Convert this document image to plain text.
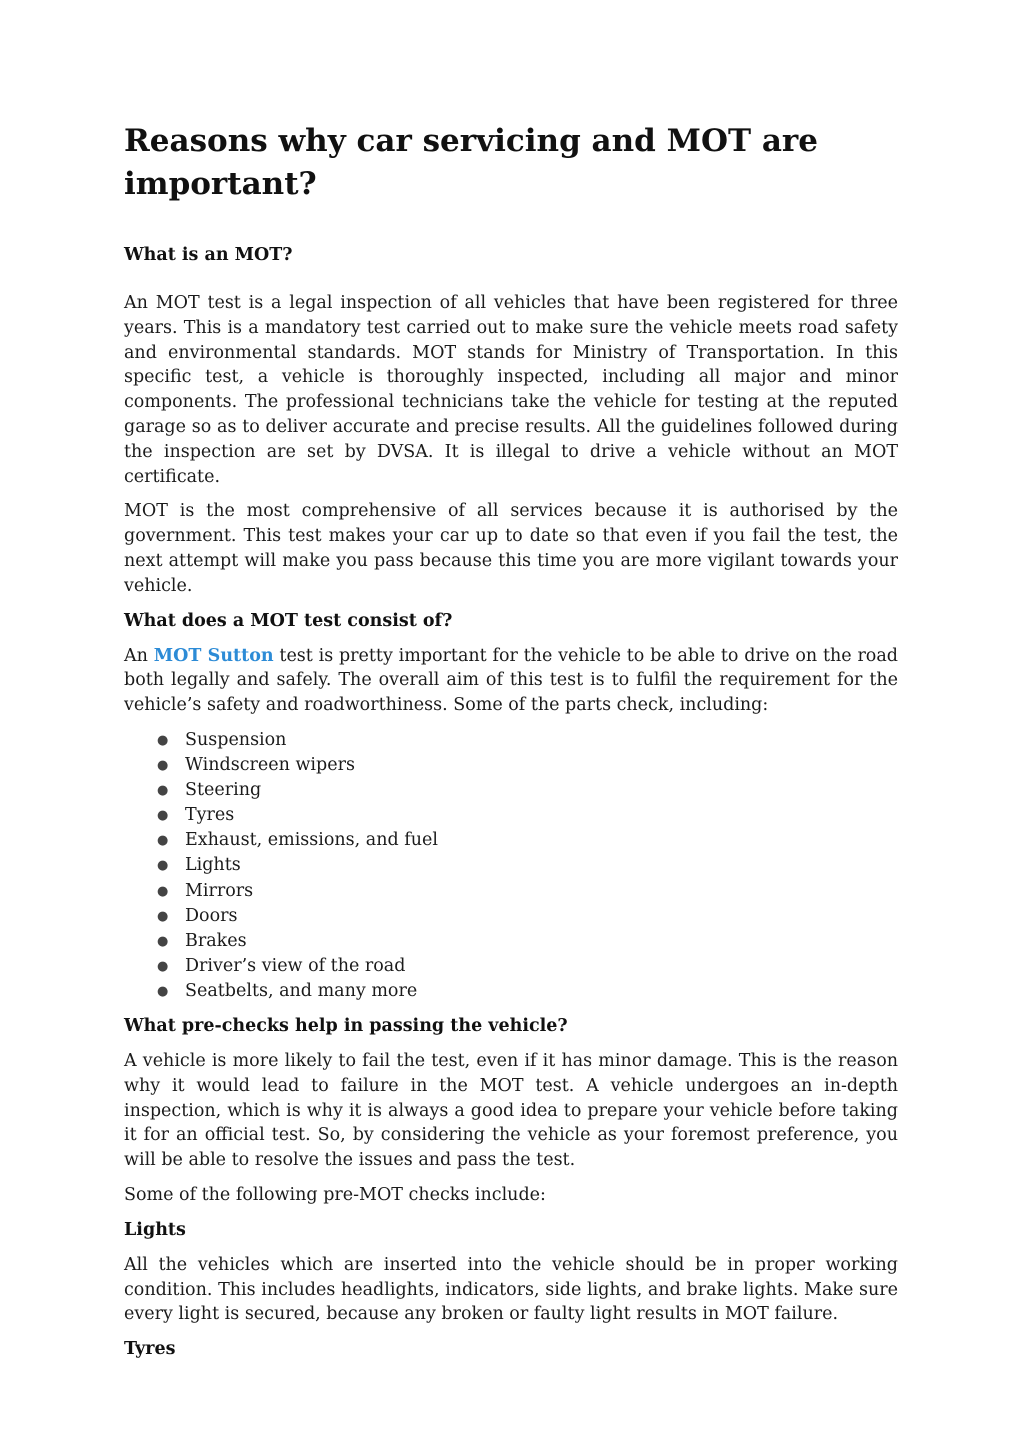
Reasons why car servicing and MOT are important?
What is an MOT?

An MOT test is a legal inspection of all vehicles that have been registered for three years. This is a mandatory test carried out to make sure the vehicle meets road safety and environmental standards. MOT stands for Ministry of Transportation. In this specific test, a vehicle is thoroughly inspected, including all major and minor components. The professional technicians take the vehicle for testing at the reputed garage so as to deliver accurate and precise results. All the guidelines followed during the inspection are set by DVSA. It is illegal to drive a vehicle without an MOT certificate.

MOT is the most comprehensive of all services because it is authorised by the government. This test makes your car up to date so that even if you fail the test, the next attempt will make you pass because this time you are more vigilant towards your vehicle.

What does a MOT test consist of?

An MOT Sutton test is pretty important for the vehicle to be able to drive on the road both legally and safely. The overall aim of this test is to fulfil the requirement for the vehicle’s safety and roadworthiness. Some of the parts check, including:

● Suspension
● Windscreen wipers
● Steering
● Tyres
● Exhaust, emissions, and fuel
● Lights
● Mirrors
● Doors
● Brakes
● Driver’s view of the road
● Seatbelts, and many more
What pre-checks help in passing the vehicle?

A vehicle is more likely to fail the test, even if it has minor damage. This is the reason why it would lead to failure in the MOT test. A vehicle undergoes an in-depth inspection, which is why it is always a good idea to prepare your vehicle before taking it for an official test. So, by considering the vehicle as your foremost preference, you will be able to resolve the issues and pass the test.

Some of the following pre-MOT checks include:

Lights

All the vehicles which are inserted into the vehicle should be in proper working condition. This includes headlights, indicators, side lights, and brake lights. Make sure every light is secured, because any broken or faulty light results in MOT failure.

Tyres
